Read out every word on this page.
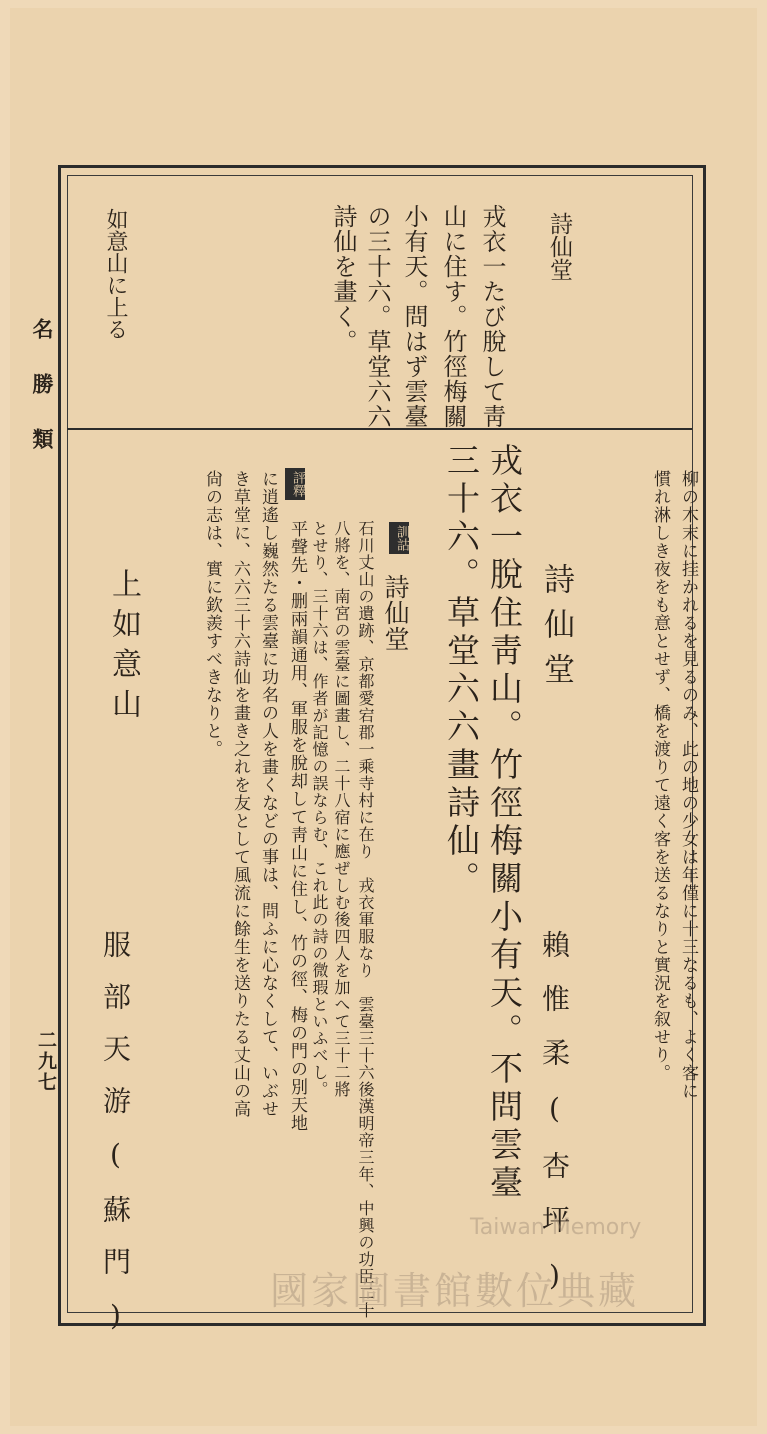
名勝類
二九七
詩仙堂
戎衣一たび脫して靑
山に住す。竹徑梅關
小有天。問はず雲臺
の三十六。草堂六六
詩仙を畫く。
如意山に上る
柳の木末に挂かれるを見るのみ、此の地の少女は年僅に十三なるも、よく客に
慣れ淋しき夜をも意とせず、橋を渡りて遠く客を送るなりと實況を叙せり。
詩仙堂
賴惟柔(杏坪)
戎衣一脫住靑山。竹徑梅關小有天。不問雲臺
三十六。草堂六六畫詩仙。
訓詁
詩仙堂
石川丈山の遺跡、京都愛宕郡一乘寺村に在り　戎衣軍服なり　雲臺三十六後漢明帝三年、中興の功臣二十
八將を、南宮の雲臺に圖畫し、二十八宿に應ぜしむ後四人を加へて三十二將
とせり、三十六は、作者が記憶の誤ならむ、これ此の詩の微瑕といふべし。
評釋
平聲先・删兩韻通用、軍服を脫却して靑山に住し、竹の徑、梅の門の別天地
に逍遙し巍然たる雲臺に功名の人を畫くなどの事は、問ふに心なくして、いぶせ
き草堂に、六六三十六詩仙を畫き之れを友として風流に餘生を送りたる丈山の高
尙の志は、實に欽羨すべきなりと。
上如意山
服部天游(蘇門)	Taiwan Memory
國家圖書館數位典藏
